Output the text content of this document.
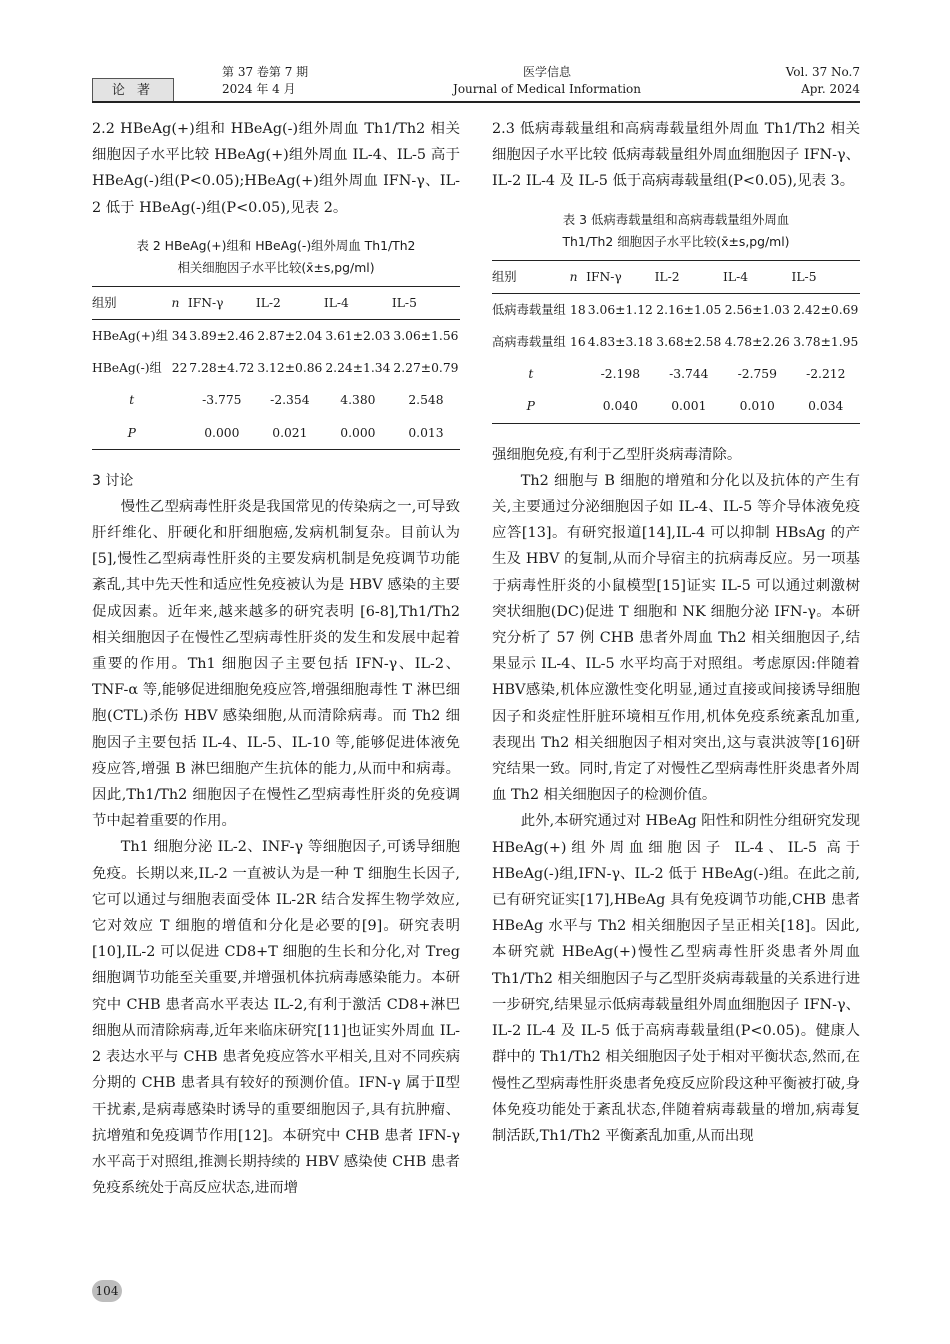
论 著
第 37 卷第 7 期
2024 年 4 月
医学信息
Journal of Medical Information
Vol. 37 No.7
Apr. 2024

2.2 HBeAg(+)组和 HBeAg(-)组外周血 Th1/Th2 相关细胞因子水平比较 HBeAg(+)组外周血 IL-4、IL-5 高于 HBeAg(-)组(P<0.05);HBeAg(+)组外周血 IFN-γ、IL-2 低于 HBeAg(-)组(P<0.05),见表 2。

表 2 HBeAg(+)组和 HBeAg(-)组外周血 Th1/Th2
相关细胞因子水平比较(x̄±s,pg/ml)
组别	n	IFN-γ	IL-2	IL-4	IL-5
HBeAg(+)组	34	3.89±2.46	2.87±2.04	3.61±2.03	3.06±1.56
HBeAg(-)组	22	7.28±4.72	3.12±0.86	2.24±1.34	2.27±0.79
t		-3.775	-2.354	4.380	2.548
P		0.000	0.021	0.000	0.013
3 讨论

慢性乙型病毒性肝炎是我国常见的传染病之一,可导致肝纤维化、肝硬化和肝细胞癌,发病机制复杂。目前认为[5],慢性乙型病毒性肝炎的主要发病机制是免疫调节功能紊乱,其中先天性和适应性免疫被认为是 HBV 感染的主要促成因素。近年来,越来越多的研究表明 [6-8],Th1/Th2 相关细胞因子在慢性乙型病毒性肝炎的发生和发展中起着重要的作用。Th1 细胞因子主要包括 IFN-γ、IL-2、TNF-α 等,能够促进细胞免疫应答,增强细胞毒性 T 淋巴细胞(CTL)杀伤 HBV 感染细胞,从而清除病毒。而 Th2 细胞因子主要包括 IL-4、IL-5、IL-10 等,能够促进体液免疫应答,增强 B 淋巴细胞产生抗体的能力,从而中和病毒。因此,Th1/Th2 细胞因子在慢性乙型病毒性肝炎的免疫调节中起着重要的作用。

Th1 细胞分泌 IL-2、INF-γ 等细胞因子,可诱导细胞免疫。长期以来,IL-2 一直被认为是一种 T 细胞生长因子,它可以通过与细胞表面受体 IL-2R 结合发挥生物学效应,它对效应 T 细胞的增值和分化是必要的[9]。研究表明[10],IL-2 可以促进 CD8+T 细胞的生长和分化,对 Treg 细胞调节功能至关重要,并增强机体抗病毒感染能力。本研究中 CHB 患者高水平表达 IL-2,有利于激活 CD8+淋巴细胞从而清除病毒,近年来临床研究[11]也证实外周血 IL-2 表达水平与 CHB 患者免疫应答水平相关,且对不同疾病分期的 CHB 患者具有较好的预测价值。IFN-γ 属于Ⅱ型干扰素,是病毒感染时诱导的重要细胞因子,具有抗肿瘤、抗增殖和免疫调节作用[12]。本研究中 CHB 患者 IFN-γ 水平高于对照组,推测长期持续的 HBV 感染使 CHB 患者免疫系统处于高反应状态,进而增

2.3 低病毒载量组和高病毒载量组外周血 Th1/Th2 相关细胞因子水平比较 低病毒载量组外周血细胞因子 IFN-γ、IL-2 IL-4 及 IL-5 低于高病毒载量组(P<0.05),见表 3。

表 3 低病毒载量组和高病毒载量组外周血
Th1/Th2 细胞因子水平比较(x̄±s,pg/ml)
组别	n	IFN-γ	IL-2	IL-4	IL-5
低病毒载量组	18	3.06±1.12	2.16±1.05	2.56±1.03	2.42±0.69
高病毒载量组	16	4.83±3.18	3.68±2.58	4.78±2.26	3.78±1.95
t		-2.198	-3.744	-2.759	-2.212
P		0.040	0.001	0.010	0.034

强细胞免疫,有利于乙型肝炎病毒清除。

Th2 细胞与 B 细胞的增殖和分化以及抗体的产生有关,主要通过分泌细胞因子如 IL-4、IL-5 等介导体液免疫应答[13]。有研究报道[14],IL-4 可以抑制 HBsAg 的产生及 HBV 的复制,从而介导宿主的抗病毒反应。另一项基于病毒性肝炎的小鼠模型[15]证实 IL-5 可以通过刺激树突状细胞(DC)促进 T 细胞和 NK 细胞分泌 IFN-γ。本研究分析了 57 例 CHB 患者外周血 Th2 相关细胞因子,结果显示 IL-4、IL-5 水平均高于对照组。考虑原因:伴随着 HBV感染,机体应激性变化明显,通过直接或间接诱导细胞因子和炎症性肝脏环境相互作用,机体免疫系统紊乱加重,表现出 Th2 相关细胞因子相对突出,这与袁洪波等[16]研究结果一致。同时,肯定了对慢性乙型病毒性肝炎患者外周血 Th2 相关细胞因子的检测价值。

此外,本研究通过对 HBeAg 阳性和阴性分组研究发现 HBeAg(+)组外周血细胞因子 IL-4、IL-5 高于 HBeAg(-)组,IFN-γ、IL-2 低于 HBeAg(-)组。在此之前,已有研究证实[17],HBeAg 具有免疫调节功能,CHB 患者 HBeAg 水平与 Th2 相关细胞因子呈正相关[18]。因此,本研究就 HBeAg(+)慢性乙型病毒性肝炎患者外周血 Th1/Th2 相关细胞因子与乙型肝炎病毒载量的关系进行进一步研究,结果显示低病毒载量组外周血细胞因子 IFN-γ、IL-2 IL-4 及 IL-5 低于高病毒载量组(P<0.05)。健康人群中的 Th1/Th2 相关细胞因子处于相对平衡状态,然而,在慢性乙型病毒性肝炎患者免疫反应阶段这种平衡被打破,身体免疫功能处于紊乱状态,伴随着病毒载量的增加,病毒复制活跃,Th1/Th2 平衡紊乱加重,从而出现

104
